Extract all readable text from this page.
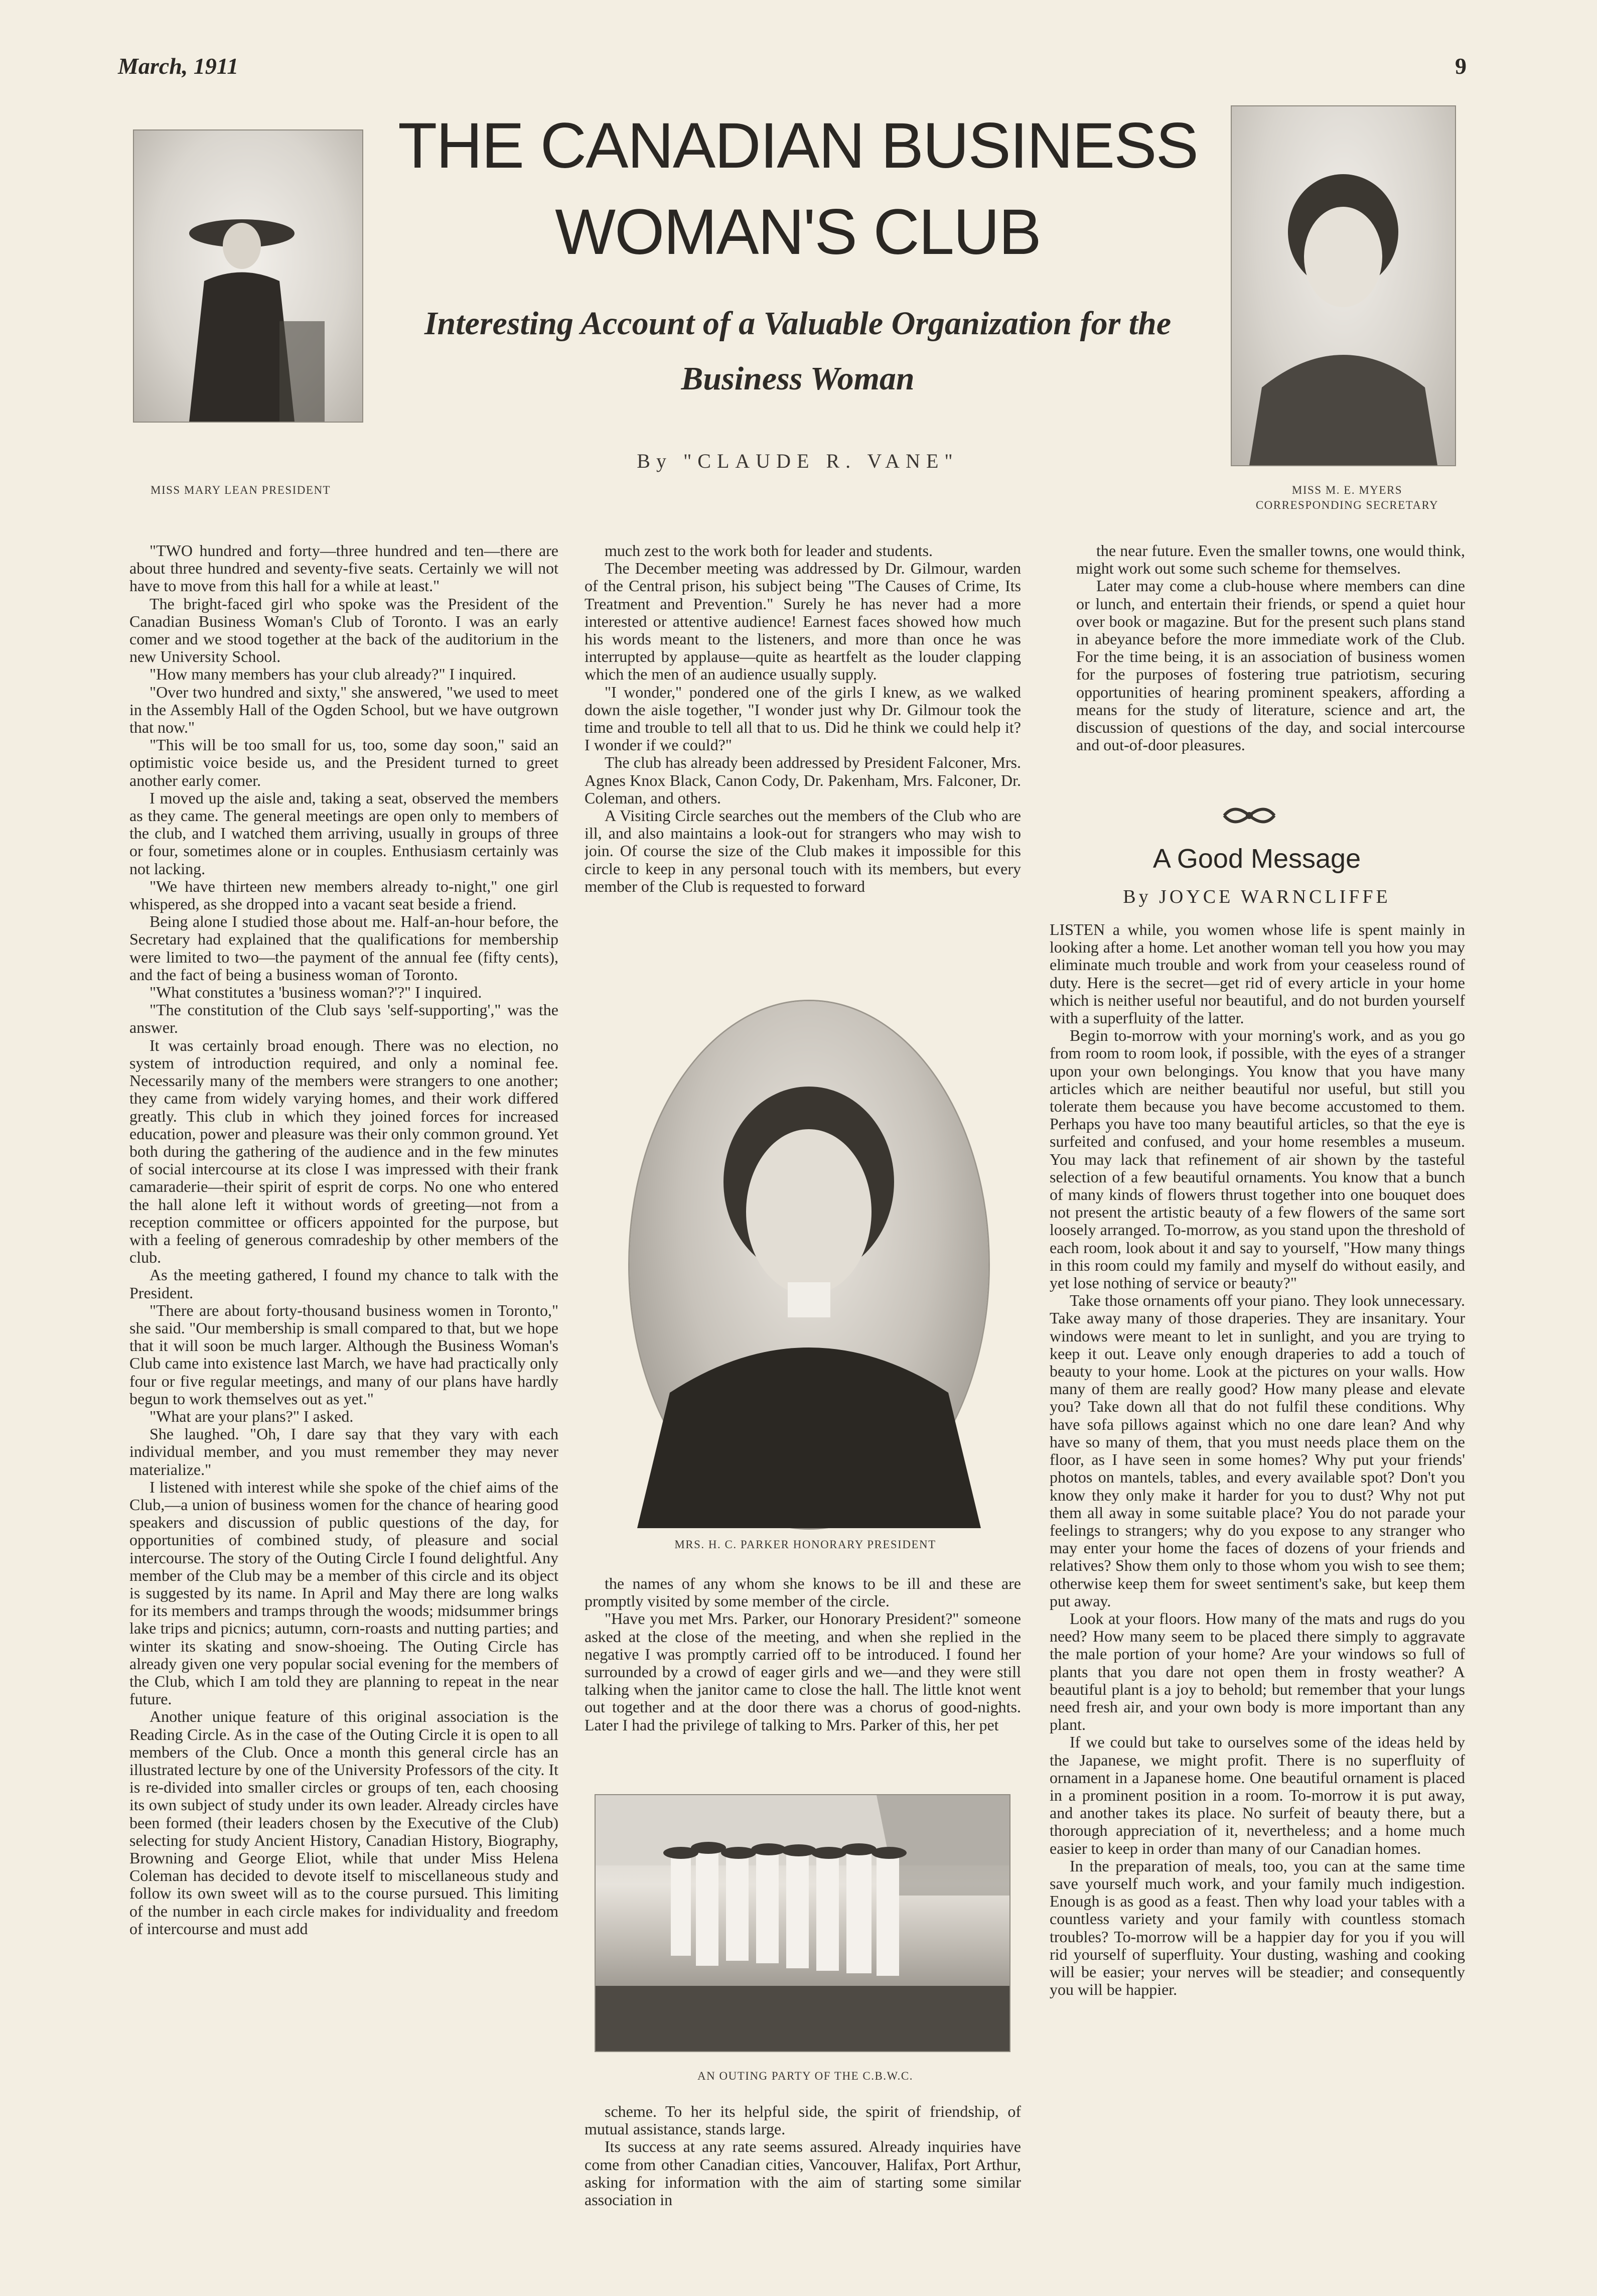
March, 1911	9
THE CANADIAN BUSINESS WOMAN'S CLUB
Interesting Account of a Valuable Organization for the Business Woman
By "CLAUDE R. VANE"
MISS MARY LEAN PRESIDENT	MISS M. E. MYERS CORRESPONDING SECRETARY

"TWO hundred and forty—three hundred and ten—there are about three hundred and seventy-five seats. Certainly we will not have to move from this hall for a while at least."

The bright-faced girl who spoke was the President of the Canadian Business Woman's Club of Toronto. I was an early comer and we stood together at the back of the auditorium in the new University School.

"How many members has your club already?" I inquired.

"Over two hundred and sixty," she answered, "we used to meet in the Assembly Hall of the Ogden School, but we have outgrown that now."

"This will be too small for us, too, some day soon," said an optimistic voice beside us, and the President turned to greet another early comer.

I moved up the aisle and, taking a seat, observed the members as they came. The general meetings are open only to members of the club, and I watched them arriving, usually in groups of three or four, sometimes alone or in couples. Enthusiasm certainly was not lacking.

"We have thirteen new members already to-night," one girl whispered, as she dropped into a vacant seat beside a friend.

Being alone I studied those about me. Half-an-hour before, the Secretary had explained that the qualifications for membership were limited to two—the payment of the annual fee (fifty cents), and the fact of being a business woman of Toronto.

"What constitutes a 'business woman?'?" I inquired.

"The constitution of the Club says 'self-supporting'," was the answer.

It was certainly broad enough. There was no election, no system of introduction required, and only a nominal fee. Necessarily many of the members were strangers to one another; they came from widely varying homes, and their work differed greatly. This club in which they joined forces for increased education, power and pleasure was their only common ground. Yet both during the gathering of the audience and in the few minutes of social intercourse at its close I was impressed with their frank camaraderie—their spirit of esprit de corps. No one who entered the hall alone left it without words of greeting—not from a reception committee or officers appointed for the purpose, but with a feeling of generous comradeship by other members of the club.

As the meeting gathered, I found my chance to talk with the President.

"There are about forty-thousand business women in Toronto," she said. "Our membership is small compared to that, but we hope that it will soon be much larger. Although the Business Woman's Club came into existence last March, we have had practically only four or five regular meetings, and many of our plans have hardly begun to work themselves out as yet."

"What are your plans?" I asked.

She laughed. "Oh, I dare say that they vary with each individual member, and you must remember they may never materialize."

I listened with interest while she spoke of the chief aims of the Club,—a union of business women for the chance of hearing good speakers and discussion of public questions of the day, for opportunities of combined study, of pleasure and social intercourse. The story of the Outing Circle I found delightful. Any member of the Club may be a member of this circle and its object is suggested by its name. In April and May there are long walks for its members and tramps through the woods; midsummer brings lake trips and picnics; autumn, corn-roasts and nutting parties; and winter its skating and snow-shoeing. The Outing Circle has already given one very popular social evening for the members of the Club, which I am told they are planning to repeat in the near future.

Another unique feature of this original association is the Reading Circle. As in the case of the Outing Circle it is open to all members of the Club. Once a month this general circle has an illustrated lecture by one of the University Professors of the city. It is re-divided into smaller circles or groups of ten, each choosing its own subject of study under its own leader. Already circles have been formed (their leaders chosen by the Executive of the Club) selecting for study Ancient History, Canadian History, Biography, Browning and George Eliot, while that under Miss Helena Coleman has decided to devote itself to miscellaneous study and follow its own sweet will as to the course pursued. This limiting of the number in each circle makes for individuality and freedom of intercourse and must add

much zest to the work both for leader and students.

The December meeting was addressed by Dr. Gilmour, warden of the Central prison, his subject being "The Causes of Crime, Its Treatment and Prevention." Surely he has never had a more interested or attentive audience! Earnest faces showed how much his words meant to the listeners, and more than once he was interrupted by applause—quite as heartfelt as the louder clapping which the men of an audience usually supply.

"I wonder," pondered one of the girls I knew, as we walked down the aisle together, "I wonder just why Dr. Gilmour took the time and trouble to tell all that to us. Did he think we could help it? I wonder if we could?"

The club has already been addressed by President Falconer, Mrs. Agnes Knox Black, Canon Cody, Dr. Pakenham, Mrs. Falconer, Dr. Coleman, and others.

A Visiting Circle searches out the members of the Club who are ill, and also maintains a look-out for strangers who may wish to join. Of course the size of the Club makes it impossible for this circle to keep in any personal touch with its members, but every member of the Club is requested to forward

MRS. H. C. PARKER HONORARY PRESIDENT

the names of any whom she knows to be ill and these are promptly visited by some member of the circle.

"Have you met Mrs. Parker, our Honorary President?" someone asked at the close of the meeting, and when she replied in the negative I was promptly carried off to be introduced. I found her surrounded by a crowd of eager girls and we—and they were still talking when the janitor came to close the hall. The little knot went out together and at the door there was a chorus of good-nights. Later I had the privilege of talking to Mrs. Parker of this, her pet

AN OUTING PARTY OF THE C.B.W.C.

scheme. To her its helpful side, the spirit of friendship, of mutual assistance, stands large.

Its success at any rate seems assured. Already inquiries have come from other Canadian cities, Vancouver, Halifax, Port Arthur, asking for information with the aim of starting some similar association in

the near future. Even the smaller towns, one would think, might work out some such scheme for themselves.

Later may come a club-house where members can dine or lunch, and entertain their friends, or spend a quiet hour over book or magazine. But for the present such plans stand in abeyance before the more immediate work of the Club. For the time being, it is an association of business women for the purposes of fostering true patriotism, securing opportunities of hearing prominent speakers, affording a means for the study of literature, science and art, the discussion of questions of the day, and social intercourse and out-of-door pleasures.

A Good Message
By JOYCE WARNCLIFFE

LISTEN a while, you women whose life is spent mainly in looking after a home. Let another woman tell you how you may eliminate much trouble and work from your ceaseless round of duty. Here is the secret—get rid of every article in your home which is neither useful nor beautiful, and do not burden yourself with a superfluity of the latter.

Begin to-morrow with your morning's work, and as you go from room to room look, if possible, with the eyes of a stranger upon your own belongings. You know that you have many articles which are neither beautiful nor useful, but still you tolerate them because you have become accustomed to them. Perhaps you have too many beautiful articles, so that the eye is surfeited and confused, and your home resembles a museum. You may lack that refinement of air shown by the tasteful selection of a few beautiful ornaments. You know that a bunch of many kinds of flowers thrust together into one bouquet does not present the artistic beauty of a few flowers of the same sort loosely arranged. To-morrow, as you stand upon the threshold of each room, look about it and say to yourself, "How many things in this room could my family and myself do without easily, and yet lose nothing of service or beauty?"

Take those ornaments off your piano. They look unnecessary. Take away many of those draperies. They are insanitary. Your windows were meant to let in sunlight, and you are trying to keep it out. Leave only enough draperies to add a touch of beauty to your home. Look at the pictures on your walls. How many of them are really good? How many please and elevate you? Take down all that do not fulfil these conditions. Why have sofa pillows against which no one dare lean? And why have so many of them, that you must needs place them on the floor, as I have seen in some homes? Why put your friends' photos on mantels, tables, and every available spot? Don't you know they only make it harder for you to dust? Why not put them all away in some suitable place? You do not parade your feelings to strangers; why do you expose to any stranger who may enter your home the faces of dozens of your friends and relatives? Show them only to those whom you wish to see them; otherwise keep them for sweet sentiment's sake, but keep them put away.

Look at your floors. How many of the mats and rugs do you need? How many seem to be placed there simply to aggravate the male portion of your home? Are your windows so full of plants that you dare not open them in frosty weather? A beautiful plant is a joy to behold; but remember that your lungs need fresh air, and your own body is more important than any plant.

If we could but take to ourselves some of the ideas held by the Japanese, we might profit. There is no superfluity of ornament in a Japanese home. One beautiful ornament is placed in a prominent position in a room. To-morrow it is put away, and another takes its place. No surfeit of beauty there, but a thorough appreciation of it, nevertheless; and a home much easier to keep in order than many of our Canadian homes.

In the preparation of meals, too, you can at the same time save yourself much work, and your family much indigestion. Enough is as good as a feast. Then why load your tables with a countless variety and your family with countless stomach troubles? To-morrow will be a happier day for you if you will rid yourself of superfluity. Your dusting, washing and cooking will be easier; your nerves will be steadier; and consequently you will be happier.
